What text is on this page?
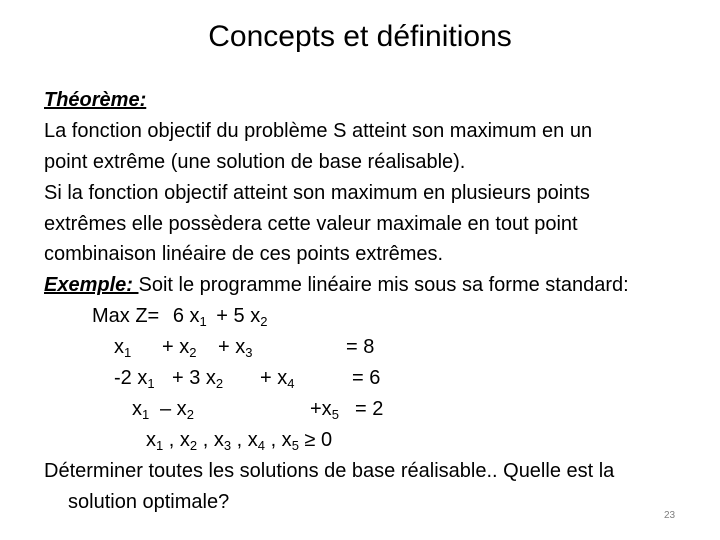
Concepts et définitions
Théorème:
La fonction objectif du problème S atteint son maximum en un
point extrême (une solution de base réalisable).
Si la fonction objectif atteint son maximum en plusieurs points
extrêmes elle possèdera cette valeur maximale en tout point
combinaison linéaire de ces points extrêmes.
Exemple: Soit le programme linéaire mis sous sa forme standard:
Max Z= 6 $x_1 + 5$ $x_2$
$x_1 + x_2 + x_3$	= 8
-2 $x_1 + 3$ $x_2 + x_4$	= 6
$x_1 - x_2$	$+x_5 = 2$
$x_1$ , $x_2$ , $x_3$ , $x_4$ , $x_5 \ge 0$
Déterminer toutes les solutions de base réalisable.. Quelle est la
solution optimale?
23
